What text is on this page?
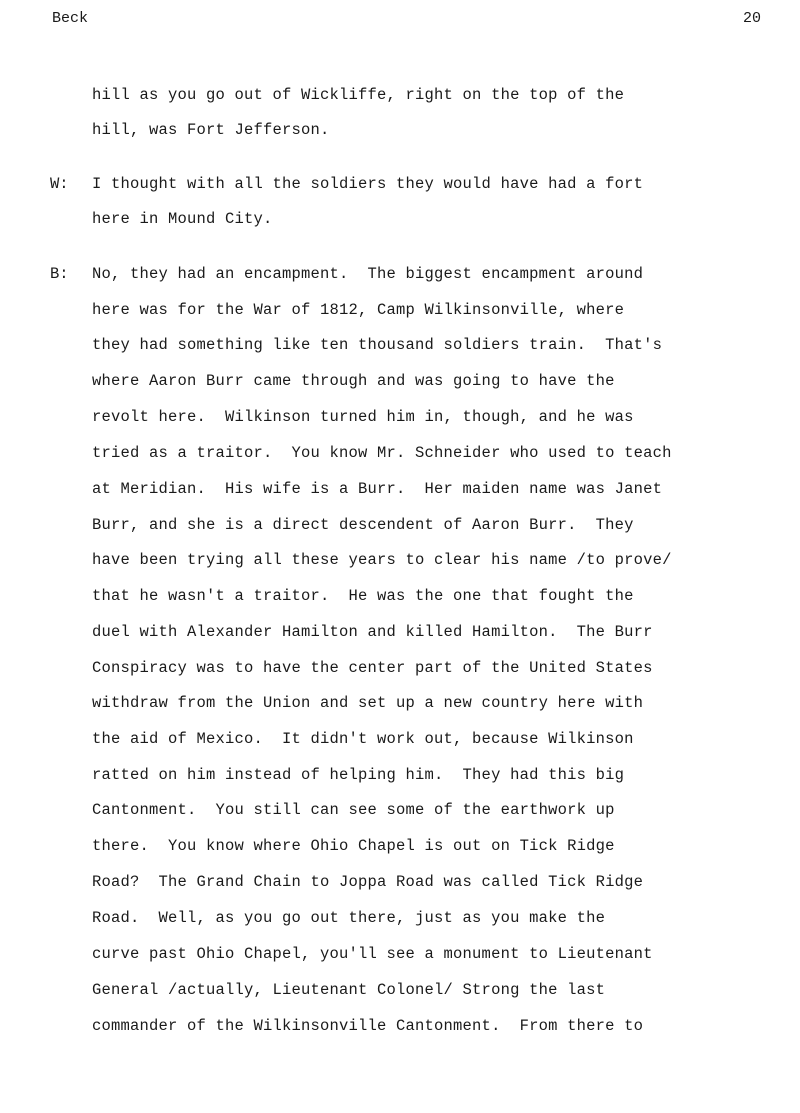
Beck	20
hill as you go out of Wickliffe, right on the top of the
hill, was Fort Jefferson.
W: I thought with all the soldiers they would have had a fort
here in Mound City.
B: No, they had an encampment.  The biggest encampment around
here was for the War of 1812, Camp Wilkinsonville, where
they had something like ten thousand soldiers train.  That's
where Aaron Burr came through and was going to have the
revolt here.  Wilkinson turned him in, though, and he was
tried as a traitor.  You know Mr. Schneider who used to teach
at Meridian.  His wife is a Burr.  Her maiden name was Janet
Burr, and she is a direct descendent of Aaron Burr.  They
have been trying all these years to clear his name /to prove/
that he wasn't a traitor.  He was the one that fought the
duel with Alexander Hamilton and killed Hamilton.  The Burr
Conspiracy was to have the center part of the United States
withdraw from the Union and set up a new country here with
the aid of Mexico.  It didn't work out, because Wilkinson
ratted on him instead of helping him.  They had this big
Cantonment.  You still can see some of the earthwork up
there.  You know where Ohio Chapel is out on Tick Ridge
Road?  The Grand Chain to Joppa Road was called Tick Ridge
Road.  Well, as you go out there, just as you make the
curve past Ohio Chapel, you'll see a monument to Lieutenant
General /actually, Lieutenant Colonel/ Strong the last
commander of the Wilkinsonville Cantonment.  From there to
